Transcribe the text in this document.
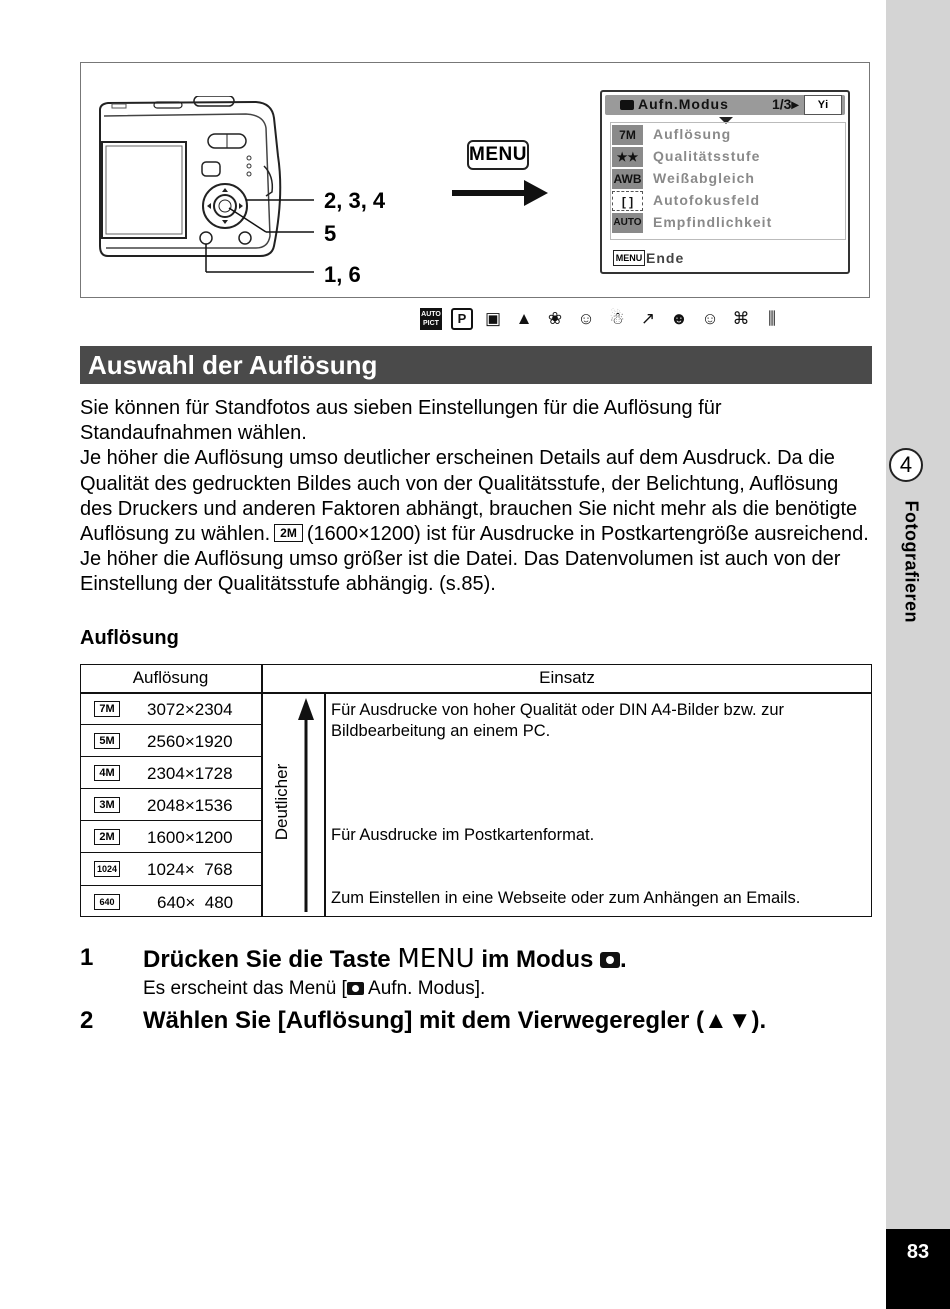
4
Fotografieren
83
2, 3, 4
5
1, 6
MENU
Aufn.Modus	1/3▸	Yі
7M	Auflösung
★★	Qualitätsstufe
AWB Weißabgleich
[ ]	Autofokusfeld
AUTO Empfindlichkeit
MENU Ende
AUTO PICT	P	▣ ▲ ❀ ☺ ☃ ↗ ☻ ☺ ⌘	⫼
Auswahl der Auflösung
Sie können für Standfotos aus sieben Einstellungen für die Auflösung für Standaufnahmen wählen.
Je höher die Auflösung umso deutlicher erscheinen Details auf dem Ausdruck. Da die Qualität des gedruckten Bildes auch von der Qualitätsstufe, der Belichtung, Auflösung des Druckers und anderen Faktoren abhängt, brauchen Sie nicht mehr als die benötigte Auflösung zu wählen. 2M (1600×1200) ist für Ausdrucke in Postkartengröße ausreichend. Je höher die Auflösung umso größer ist die Datei. Das Datenvolumen ist auch von der Einstellung der Qualitätsstufe abhängig. (s.85).
Auflösung
Auflösung	Einsatz
7M	3072×2304
5M	2560×1920
4M	2304×1728
3M	2048×1536
2M	1600×1200
1024 1024×  768
640	640×  480
Deutlicher
Für Ausdrucke von hoher Qualität oder DIN A4-Bilder bzw. zur Bildbearbeitung an einem PC.
Für Ausdrucke im Postkartenformat.
Zum Einstellen in eine Webseite oder zum Anhängen an Emails.
1 Drücken Sie die Taste MENU im Modus .
Es erscheint das Menü [
Aufn. Modus].
2 Wählen Sie [Auflösung] mit dem Vierwegeregler (▲▼).
